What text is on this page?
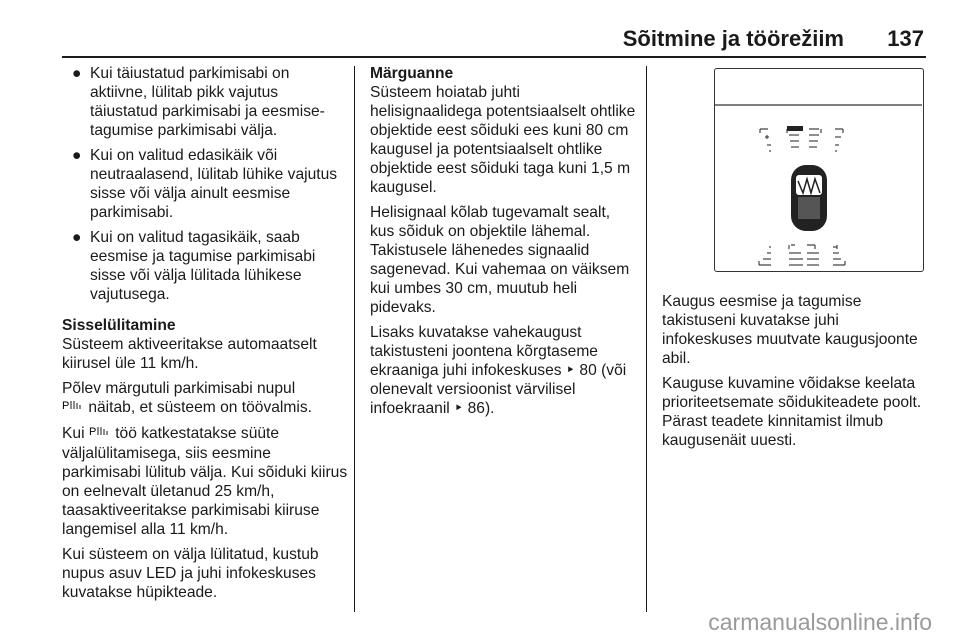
Sõitmine ja töörežiim 137
● Kui täiustatud parkimisabi on aktiivne, lülitab pikk vajutus täiustatud parkimisabi ja eesmise-tagumise parkimisabi välja.
● Kui on valitud edasikäik või neutraalasend, lülitab lühike vajutus sisse või välja ainult eesmise parkimisabi.
● Kui on valitud tagasikäik, saab eesmise ja tagumise parkimisabi sisse või välja lülitada lühikese vajutusega.
Sisselülitamine

Süsteem aktiveeritakse automaatselt kiirusel üle 11 km/h.

Põlev märgutuli parkimisabi nupul

P näitab, et süsteem on töövalmis.

Kui P töö katkestatakse süüte väljalülitamisega, siis eesmine parkimisabi lülitub välja. Kui sõiduki kiirus on eelnevalt ületanud 25 km/h, taasaktiveeritakse parkimisabi kiiruse langemisel alla 11 km/h.

Kui süsteem on välja lülitatud, kustub nupus asuv LED ja juhi infokeskuses kuvatakse hüpikteade.

Märguanne

Süsteem hoiatab juhti helisignaalidega potentsiaalselt ohtlike objektide eest sõiduki ees kuni 80 cm kaugusel ja potentsiaalselt ohtlike objektide eest sõiduki taga kuni 1,5 m kaugusel.

Helisignaal kõlab tugevamalt sealt, kus sõiduk on objektile lähemal. Takistusele lähenedes signaalid sagenevad. Kui vahemaa on väiksem kui umbes 30 cm, muutub heli pidevaks.

Lisaks kuvatakse vahekaugust takistusteni joontena kõrgtaseme ekraaniga juhi infokeskuses ‣ 80 (või olenevalt versioonist värvilisel infoekraanil ‣ 86).

Kaugus eesmise ja tagumise takistuseni kuvatakse juhi infokeskuses muutvate kaugusjoonte abil.

Kauguse kuvamine võidakse keelata prioriteetsemate sõidukiteadete poolt. Pärast teadete kinnitamist ilmub kaugusenäit uuesti.

carmanualsonline.info
